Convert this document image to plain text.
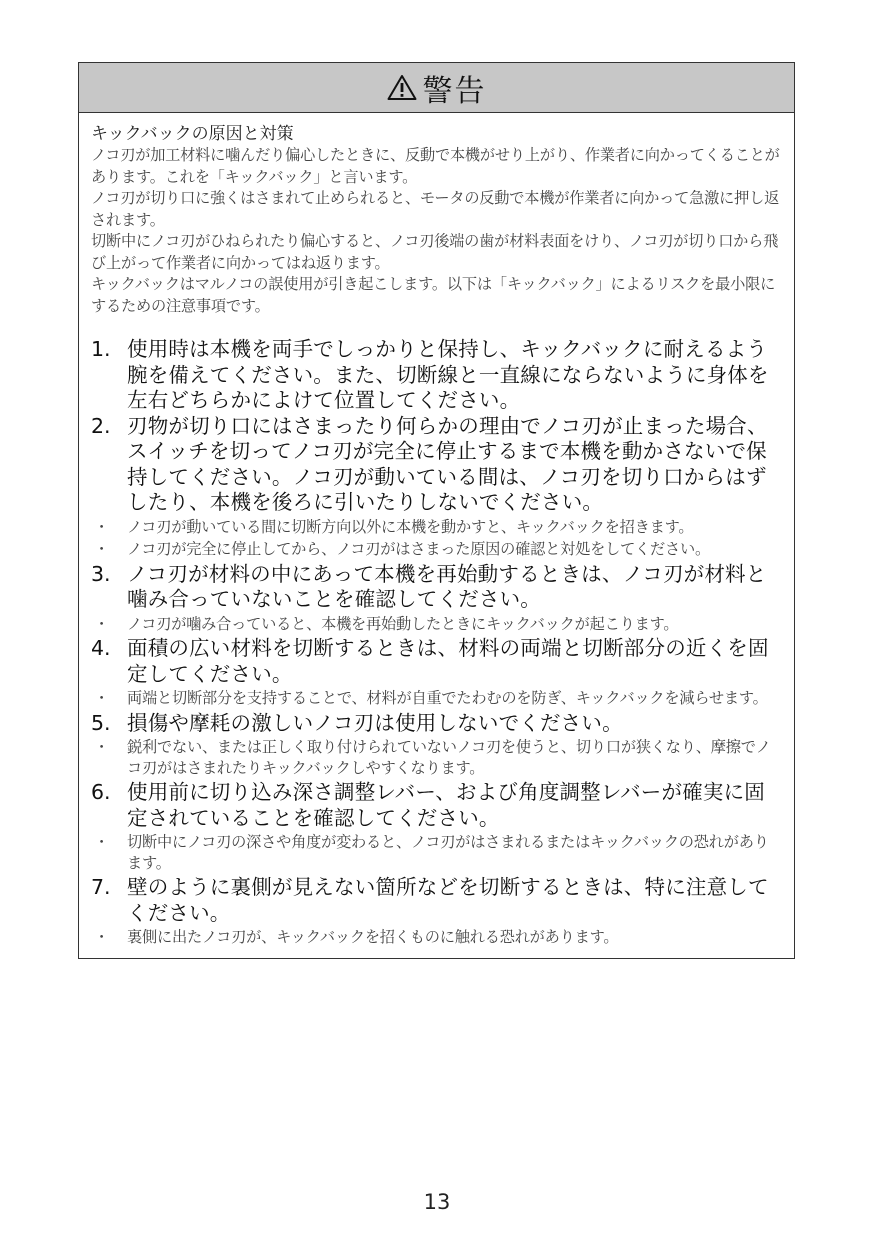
警告
キックバックの原因と対策

ノコ刃が加工材料に噛んだり偏心したときに、反動で本機がせり上がり、作業者に向かってくることがあります。これを「キックバック」と言います。

ノコ刃が切り口に強くはさまれて止められると、モータの反動で本機が作業者に向かって急激に押し返されます。

切断中にノコ刃がひねられたり偏心すると、ノコ刃後端の歯が材料表面をけり、ノコ刃が切り口から飛び上がって作業者に向かってはね返ります。

キックバックはマルノコの誤使用が引き起こします。以下は「キックバック」によるリスクを最小限にするための注意事項です。

1. 使用時は本機を両手でしっかりと保持し、キックバックに耐えるよう腕を備えてください。また、切断線と一直線にならないように身体を左右どちらかによけて位置してください。
2. 刃物が切り口にはさまったり何らかの理由でノコ刃が止まった場合、スイッチを切ってノコ刃が完全に停止するまで本機を動かさないで保持してください。ノコ刃が動いている間は、ノコ刃を切り口からはずしたり、本機を後ろに引いたりしないでください。
・	ノコ刃が動いている間に切断方向以外に本機を動かすと、キックバックを招きます。
・	ノコ刃が完全に停止してから、ノコ刃がはさまった原因の確認と対処をしてください。
3. ノコ刃が材料の中にあって本機を再始動するときは、ノコ刃が材料と噛み合っていないことを確認してください。
・	ノコ刃が噛み合っていると、本機を再始動したときにキックバックが起こります。
4. 面積の広い材料を切断するときは、材料の両端と切断部分の近くを固定してください。
・	両端と切断部分を支持することで、材料が自重でたわむのを防ぎ、キックバックを減らせます。
5. 損傷や摩耗の激しいノコ刃は使用しないでください。
・	鋭利でない、または正しく取り付けられていないノコ刃を使うと、切り口が狭くなり、摩擦でノコ刃がはさまれたりキックバックしやすくなります。
6. 使用前に切り込み深さ調整レバー、および角度調整レバーが確実に固定されていることを確認してください。
・	切断中にノコ刃の深さや角度が変わると、ノコ刃がはさまれるまたはキックバックの恐れがあります。
7. 壁のように裏側が見えない箇所などを切断するときは、特に注意してください。
・	裏側に出たノコ刃が、キックバックを招くものに触れる恐れがあります。
13
